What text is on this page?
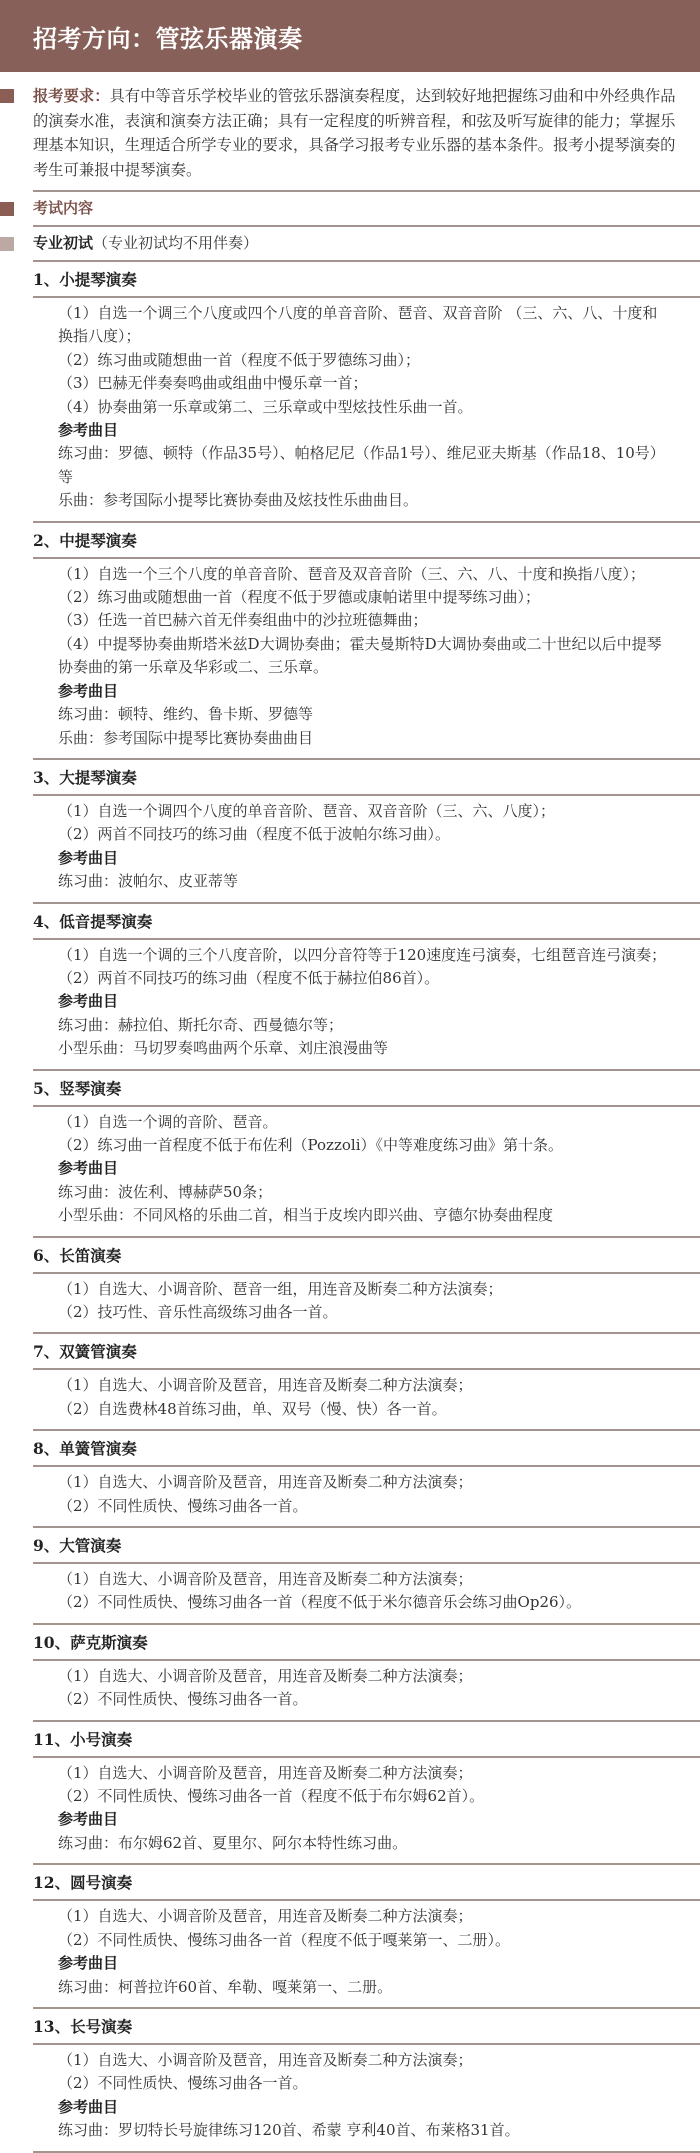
招考方向：管弦乐器演奏
报考要求：具有中等音乐学校毕业的管弦乐器演奏程度，达到较好地把握练习曲和中外经典作品的演奏水准，表演和演奏方法正确；具有一定程度的听辨音程，和弦及听写旋律的能力；掌握乐理基本知识，生理适合所学专业的要求，具备学习报考专业乐器的基本条件。报考小提琴演奏的考生可兼报中提琴演奏。
考试内容
专业初试（专业初试均不用伴奏）
1、小提琴演奏
（1）自选一个调三个八度或四个八度的单音音阶、琶音、双音音阶 （三、六、八、十度和换指八度）；
（2）练习曲或随想曲一首（程度不低于罗德练习曲）；
（3）巴赫无伴奏奏鸣曲或组曲中慢乐章一首；
（4）协奏曲第一乐章或第二、三乐章或中型炫技性乐曲一首。
参考曲目
练习曲：罗德、顿特（作品35号）、帕格尼尼（作品1号）、维尼亚夫斯基（作品18、10号）等
乐曲：参考国际小提琴比赛协奏曲及炫技性乐曲曲目。
2、中提琴演奏
（1）自选一个三个八度的单音音阶、琶音及双音音阶（三、六、八、十度和换指八度）；
（2）练习曲或随想曲一首（程度不低于罗德或康帕诺里中提琴练习曲）；
（3）任选一首巴赫六首无伴奏组曲中的沙拉班德舞曲；
（4）中提琴协奏曲斯塔米兹D大调协奏曲；霍夫曼斯特D大调协奏曲或二十世纪以后中提琴协奏曲的第一乐章及华彩或二、三乐章。
参考曲目
练习曲：顿特、维约、鲁卡斯、罗德等
乐曲：参考国际中提琴比赛协奏曲曲目
3、大提琴演奏
（1）自选一个调四个八度的单音音阶、琶音、双音音阶（三、六、八度）；
（2）两首不同技巧的练习曲（程度不低于波帕尔练习曲）。
参考曲目
练习曲：波帕尔、皮亚蒂等
4、低音提琴演奏
（1）自选一个调的三个八度音阶，以四分音符等于120速度连弓演奏，七组琶音连弓演奏；
（2）两首不同技巧的练习曲（程度不低于赫拉伯86首）。
参考曲目
练习曲：赫拉伯、斯托尔奇、西曼德尔等；
小型乐曲：马切罗奏鸣曲两个乐章、刘庄浪漫曲等
5、竖琴演奏
（1）自选一个调的音阶、琶音。
（2）练习曲一首程度不低于布佐利（Pozzoli）《中等难度练习曲》第十条。
参考曲目
练习曲：波佐利、博赫萨50条；
小型乐曲：不同风格的乐曲二首，相当于皮埃内即兴曲、亨德尔协奏曲程度
6、长笛演奏
（1）自选大、小调音阶、琶音一组，用连音及断奏二种方法演奏；
（2）技巧性、音乐性高级练习曲各一首。
7、双簧管演奏
（1）自选大、小调音阶及琶音，用连音及断奏二种方法演奏；
（2）自选费林48首练习曲，单、双号（慢、快）各一首。
8、单簧管演奏
（1）自选大、小调音阶及琶音，用连音及断奏二种方法演奏；
（2）不同性质快、慢练习曲各一首。
9、大管演奏
（1）自选大、小调音阶及琶音，用连音及断奏二种方法演奏；
（2）不同性质快、慢练习曲各一首（程度不低于米尔德音乐会练习曲Op26）。
10、萨克斯演奏
（1）自选大、小调音阶及琶音，用连音及断奏二种方法演奏；
（2）不同性质快、慢练习曲各一首。
11、小号演奏
（1）自选大、小调音阶及琶音，用连音及断奏二种方法演奏；
（2）不同性质快、慢练习曲各一首（程度不低于布尔姆62首）。
参考曲目
练习曲：布尔姆62首、夏里尔、阿尔本特性练习曲。
12、圆号演奏
（1）自选大、小调音阶及琶音，用连音及断奏二种方法演奏；
（2）不同性质快、慢练习曲各一首（程度不低于嘎莱第一、二册）。
参考曲目
练习曲：柯普拉许60首、牟勒、嘎莱第一、二册。
13、长号演奏
（1）自选大、小调音阶及琶音，用连音及断奏二种方法演奏；
（2）不同性质快、慢练习曲各一首。
参考曲目
练习曲：罗切特长号旋律练习120首、希蒙 亨利40首、布莱格31首。
